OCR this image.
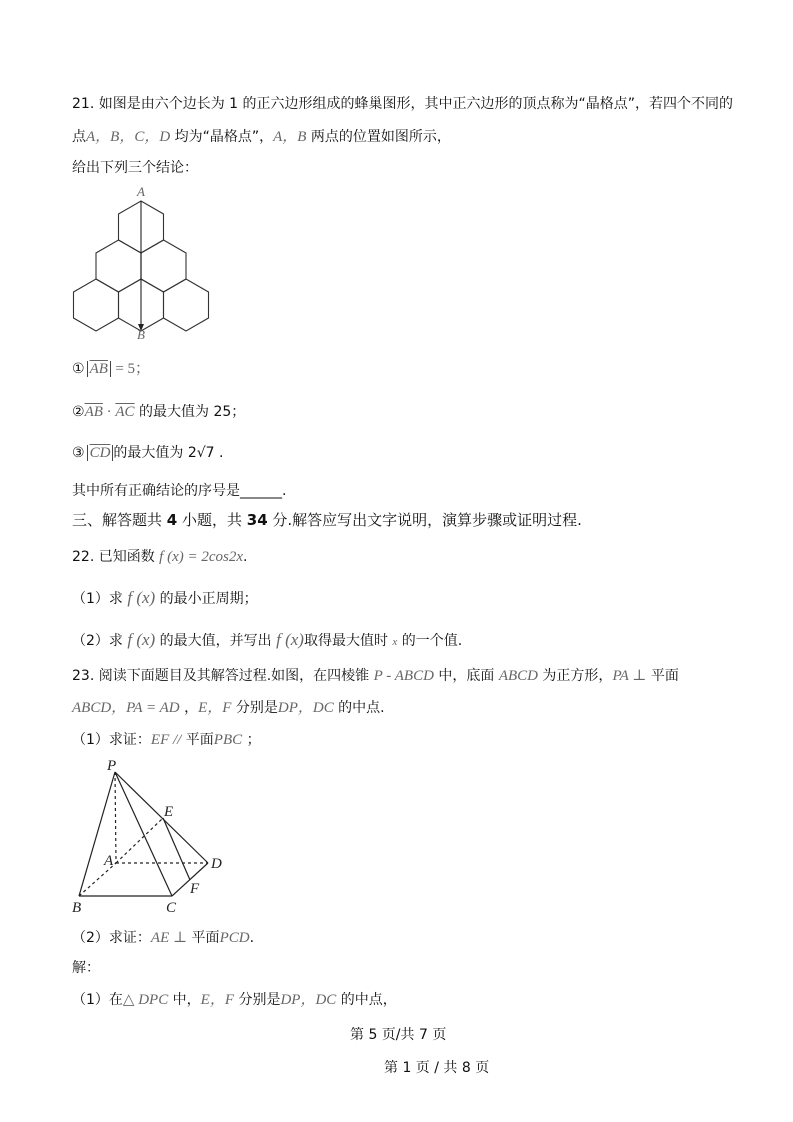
21. 如图是由六个边长为 1 的正六边形组成的蜂巢图形，其中正六边形的顶点称为“晶格点”，若四个不同的
点A，B，C，D 均为“晶格点”，A，B 两点的位置如图所示，
给出下列三个结论：
A
B
① $\overline{AB} = 5$；
$②\overline{AB} \cdot \overline{AC}$ 的最大值为 25；
③ $\overline{CD}$ 的最大值为 2√7 .
其中所有正确结论的序号是______.
三、解答题共 4 小题，共 34 分.解答应写出文字说明，演算步骤或证明过程.
22. 已知函数 f (x) = 2cos2x.
（1）求 f (x) 的最小正周期；
（2）求 f (x) 的最大值，并写出 f (x)取得最大值时 x 的一个值.
23. 阅读下面题目及其解答过程.如图，在四棱锥 P - ABCD 中，底面 ABCD 为正方形，PA ⊥ 平面
ABCD，PA = AD ，E，F 分别是DP，DC 的中点.
（1）求证：EF // 平面PBC ；
P
A
B	C
D
E
F
（2）求证：AE ⊥ 平面PCD.
解：
（1）在△ DPC 中，E，F 分别是DP，DC 的中点，
第 5 页/共 7 页
第 1 页 / 共 8 页
